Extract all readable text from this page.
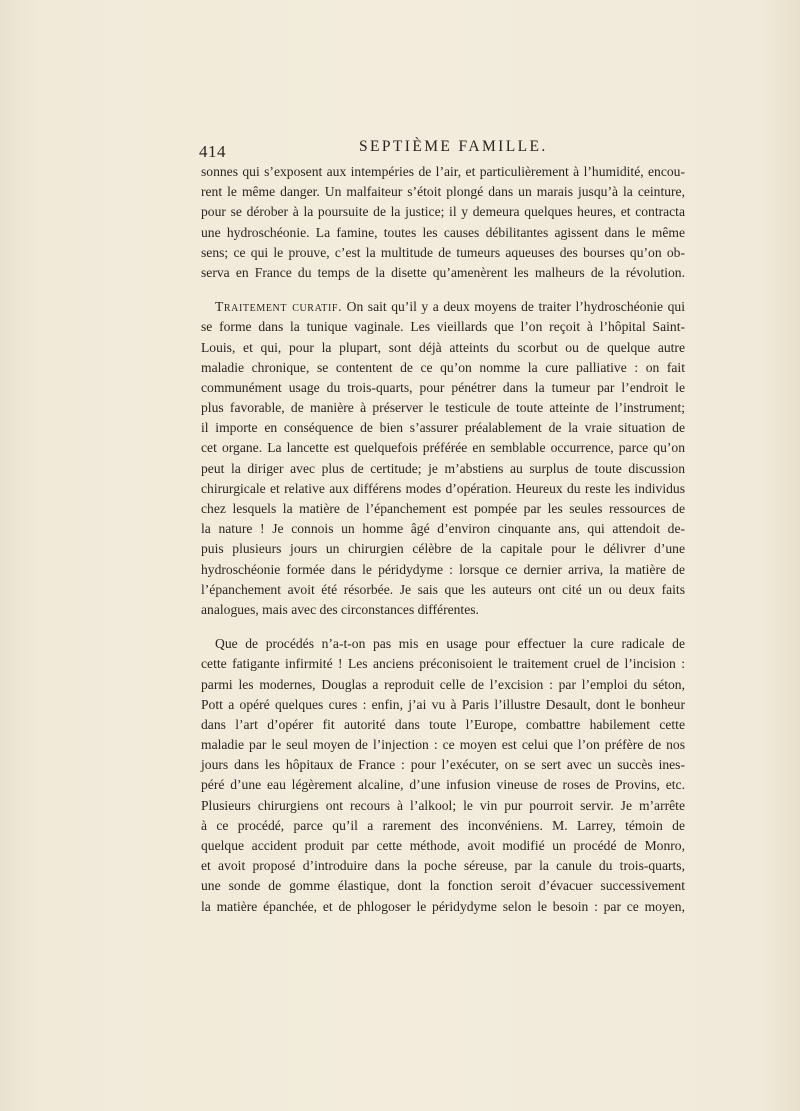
414	SEPTIÈME FAMILLE.
sonnes qui s’exposent aux intempéries de l’air, et particulièrement à l’humidité, encou-
rent le même danger. Un malfaiteur s’étoit plongé dans un marais jusqu’à la ceinture,
pour se dérober à la poursuite de la justice; il y demeura quelques heures, et contracta
une hydroschéonie. La famine, toutes les causes débilitantes agissent dans le même
sens; ce qui le prouve, c’est la multitude de tumeurs aqueuses des bourses qu’on ob-
serva en France du temps de la disette qu’amenèrent les malheurs de la révolution.
Traitement curatif. On sait qu’il y a deux moyens de traiter l’hydroschéonie qui
se forme dans la tunique vaginale. Les vieillards que l’on reçoit à l’hôpital Saint-
Louis, et qui, pour la plupart, sont déjà atteints du scorbut ou de quelque autre
maladie chronique, se contentent de ce qu’on nomme la cure palliative : on fait
communément usage du trois-quarts, pour pénétrer dans la tumeur par l’endroit le
plus favorable, de manière à préserver le testicule de toute atteinte de l’instrument;
il importe en conséquence de bien s’assurer préalablement de la vraie situation de
cet organe. La lancette est quelquefois préférée en semblable occurrence, parce qu’on
peut la diriger avec plus de certitude; je m’abstiens au surplus de toute discussion
chirurgicale et relative aux différens modes d’opération. Heureux du reste les individus
chez lesquels la matière de l’épanchement est pompée par les seules ressources de
la nature ! Je connois un homme âgé d’environ cinquante ans, qui attendoit de-
puis plusieurs jours un chirurgien célèbre de la capitale pour le délivrer d’une
hydroschéonie formée dans le péridydyme : lorsque ce dernier arriva, la matière de
l’épanchement avoit été résorbée. Je sais que les auteurs ont cité un ou deux faits
analogues, mais avec des circonstances différentes.
Que de procédés n’a-t-on pas mis en usage pour effectuer la cure radicale de
cette fatigante infirmité ! Les anciens préconisoient le traitement cruel de l’incision :
parmi les modernes, Douglas a reproduit celle de l’excision : par l’emploi du séton,
Pott a opéré quelques cures : enfin, j’ai vu à Paris l’illustre Desault, dont le bonheur
dans l’art d’opérer fit autorité dans toute l’Europe, combattre habilement cette
maladie par le seul moyen de l’injection : ce moyen est celui que l’on préfère de nos
jours dans les hôpitaux de France : pour l’exécuter, on se sert avec un succès ines-
péré d’une eau légèrement alcaline, d’une infusion vineuse de roses de Provins, etc.
Plusieurs chirurgiens ont recours à l’alkool; le vin pur pourroit servir. Je m’arrête
à ce procédé, parce qu’il a rarement des inconvéniens. M. Larrey, témoin de
quelque accident produit par cette méthode, avoit modifié un procédé de Monro,
et avoit proposé d’introduire dans la poche séreuse, par la canule du trois-quarts,
une sonde de gomme élastique, dont la fonction seroit d’évacuer successivement
la matière épanchée, et de phlogoser le péridydyme selon le besoin : par ce moyen,
